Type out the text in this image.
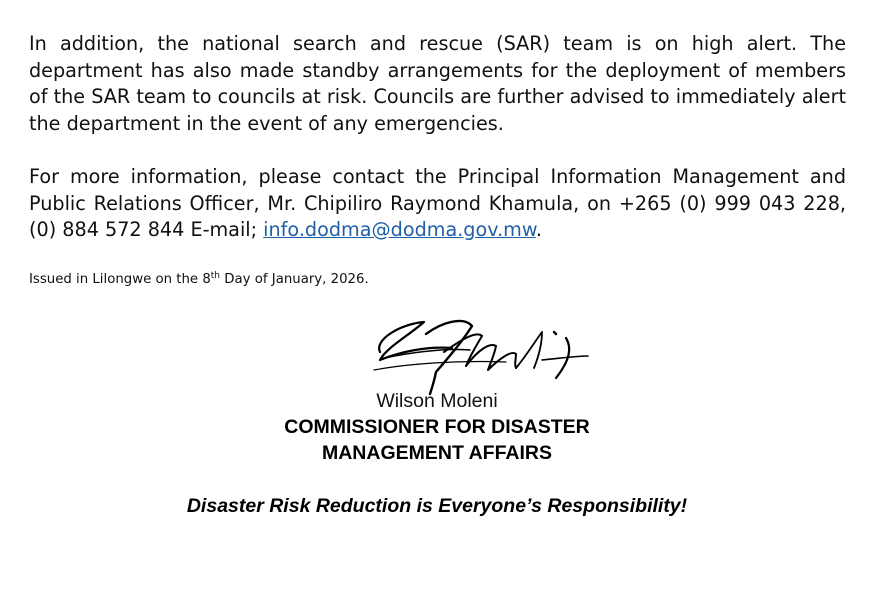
In addition, the national search and rescue (SAR) team is on high alert. The department has also made standby arrangements for the deployment of members of the SAR team to councils at risk. Councils are further advised to immediately alert the department in the event of any emergencies.

For more information, please contact the Principal Information Management and Public Relations Officer, Mr. Chipiliro Raymond Khamula, on +265 (0) 999 043 228, (0) 884 572 844 E-mail; info.dodma@dodma.gov.mw.

Issued in Lilongwe on the 8th Day of January, 2026.
Wilson Moleni
COMMISSIONER FOR DISASTER
MANAGEMENT AFFAIRS
Disaster Risk Reduction is Everyone’s Responsibility!
